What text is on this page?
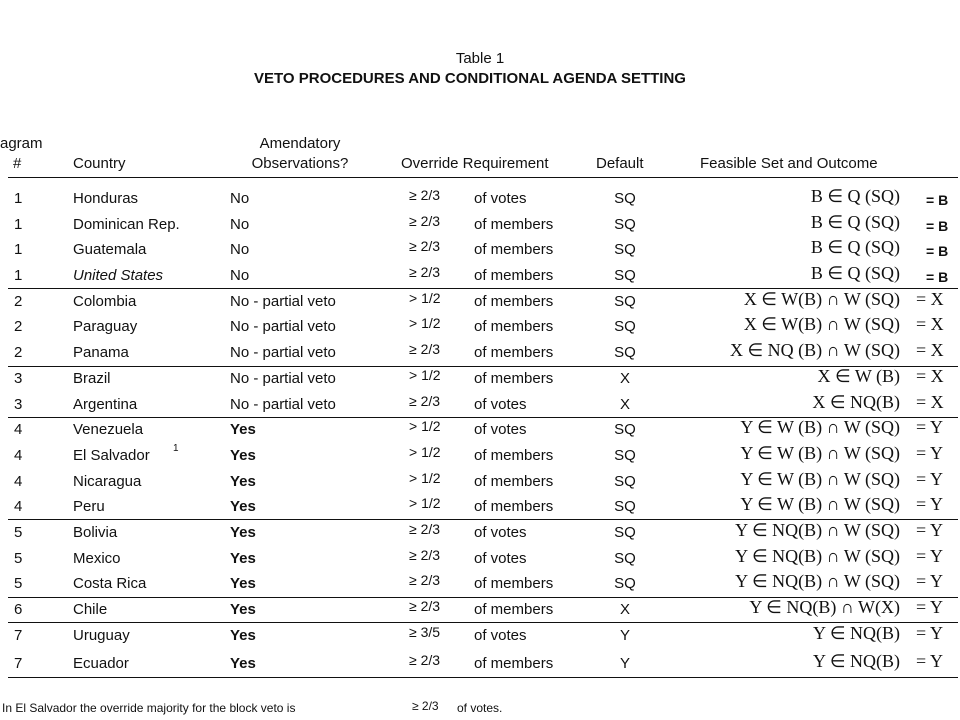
Table 1
VETO PROCEDURES AND CONDITIONAL AGENDA SETTING
agram
#	Country
Amendatory
Observations?	Override Requirement	Default	Feasible Set and Outcome
1	Honduras	No	≥ 2/3 of votes	SQ	B ∈ Q (SQ) = B
1	Dominican Rep.	No	≥ 2/3 of members	SQ	B ∈ Q (SQ) = B
1	Guatemala	No	≥ 2/3 of members	SQ	B ∈ Q (SQ) = B
1	United States	No	≥ 2/3 of members	SQ	B ∈ Q (SQ) = B
2	Colombia	No - partial veto	> 1/2 of members	SQ	X ∈ W(B) ∩ W (SQ) = X
2	Paraguay	No - partial veto	> 1/2 of members	SQ	X ∈ W(B) ∩ W (SQ) = X
2	Panama	No - partial veto	≥ 2/3 of members	SQ	X ∈ NQ (B) ∩ W (SQ) = X
3	Brazil	No - partial veto	> 1/2 of members	X	X ∈ W (B) = X
3	Argentina	No - partial veto	≥ 2/3 of votes	X	X ∈ NQ(B) = X
4	Venezuela	Yes	> 1/2 of votes	SQ	Y ∈ W (B) ∩ W (SQ) = Y
4	El Salvador 1	Yes	> 1/2 of members	SQ	Y ∈ W (B) ∩ W (SQ) = Y
4	Nicaragua	Yes	> 1/2 of members	SQ	Y ∈ W (B) ∩ W (SQ) = Y
4	Peru	Yes	> 1/2 of members	SQ	Y ∈ W (B) ∩ W (SQ) = Y
5	Bolivia	Yes	≥ 2/3 of votes	SQ	Y ∈ NQ(B) ∩ W (SQ) = Y
5	Mexico	Yes	≥ 2/3 of votes	SQ	Y ∈ NQ(B) ∩ W (SQ) = Y
5	Costa Rica	Yes	≥ 2/3 of members	SQ	Y ∈ NQ(B) ∩ W (SQ) = Y
6	Chile	Yes	≥ 2/3 of members	X	Y ∈ NQ(B) ∩ W(X) = Y
7	Uruguay	Yes	≥ 3/5 of votes	Y	Y ∈ NQ(B) = Y
7	Ecuador	Yes	≥ 2/3 of members	Y	Y ∈ NQ(B) = Y
In El Salvador the override majority for the block veto is	≥ 2/3 of votes.
